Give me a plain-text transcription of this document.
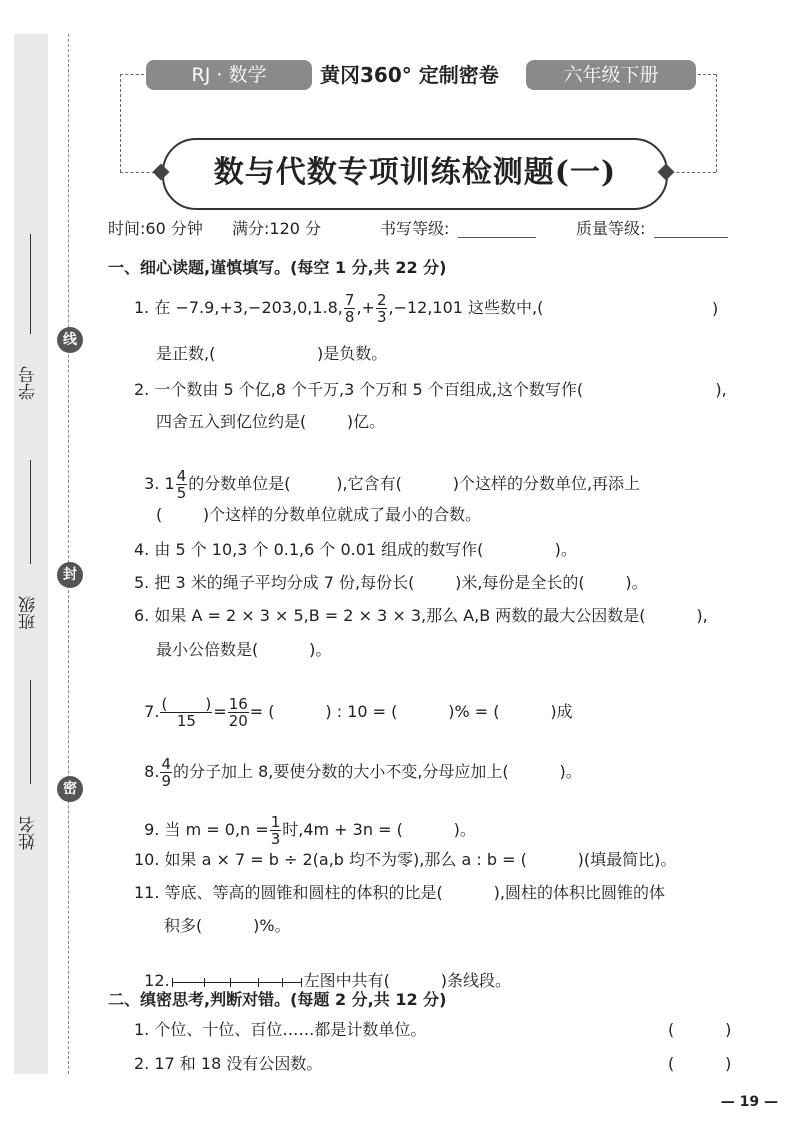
学号
班级
姓名
线
封
密
RJ · 数学	黄冈360° 定制密卷	六年级下册
数与代数专项训练检测题(一)
时间:60 分钟 满分:120 分	书写等级:	质量等级:
一、细心读题,谨慎填写。(每空 1 分,共 22 分)
1. 在 −7.9,+3,−203,0,1.8, $\frac{7}{8}$ ,+ $\frac{2}{3} ,-12,101$ 这些数中,(	)
是正数,(                    )是负数。
2. 一个数由 5 个亿,8 个千万,3 个万和 5 个百组成,这个数写作(                          ),
四舍五入到亿位约是(        )亿。

3. $1 \frac{4}{5}$ 的分数单位是(         ),它含有(          )个这样的分数单位,再添上

(        )个这样的分数单位就成了最小的合数。
4. 由 5 个 10,3 个 0.1,6 个 0.01 组成的数写作(              )。
5. 把 3 米的绳子平均分成 7 份,每份长(        )米,每份是全长的(        )。
6. 如果 A = 2 × 3 × 5,B = 2 × 3 × 3,那么 A,B 两数的最大公因数是(          ),
最小公倍数是(          )。

7. $\frac{( )}{15} = \frac{16}{20}$ = (          ) : 10 = (          )% = (          )成

8. $\frac{4}{9}$ 的分子加上 8,要使分数的大小不变,分母应加上(          )。

9. 当 $m = 0,n = \frac{1}{3}$ 时,4m + 3n = (          )。

10. 如果 a × 7 = b ÷ 2(a,b 均不为零),那么 a : b = (          )(填最简比)。
11. 等底、等高的圆锥和圆柱的体积的比是(          ),圆柱的体积比圆锥的体
积多(          )%。

12.	左图中共有(          )条线段。

二、缜密思考,判断对错。(每题 2 分,共 12 分)
1. 个位、十位、百位……都是计数单位。	(          )
2. 17 和 18 没有公因数。	(          )
— 19 —
